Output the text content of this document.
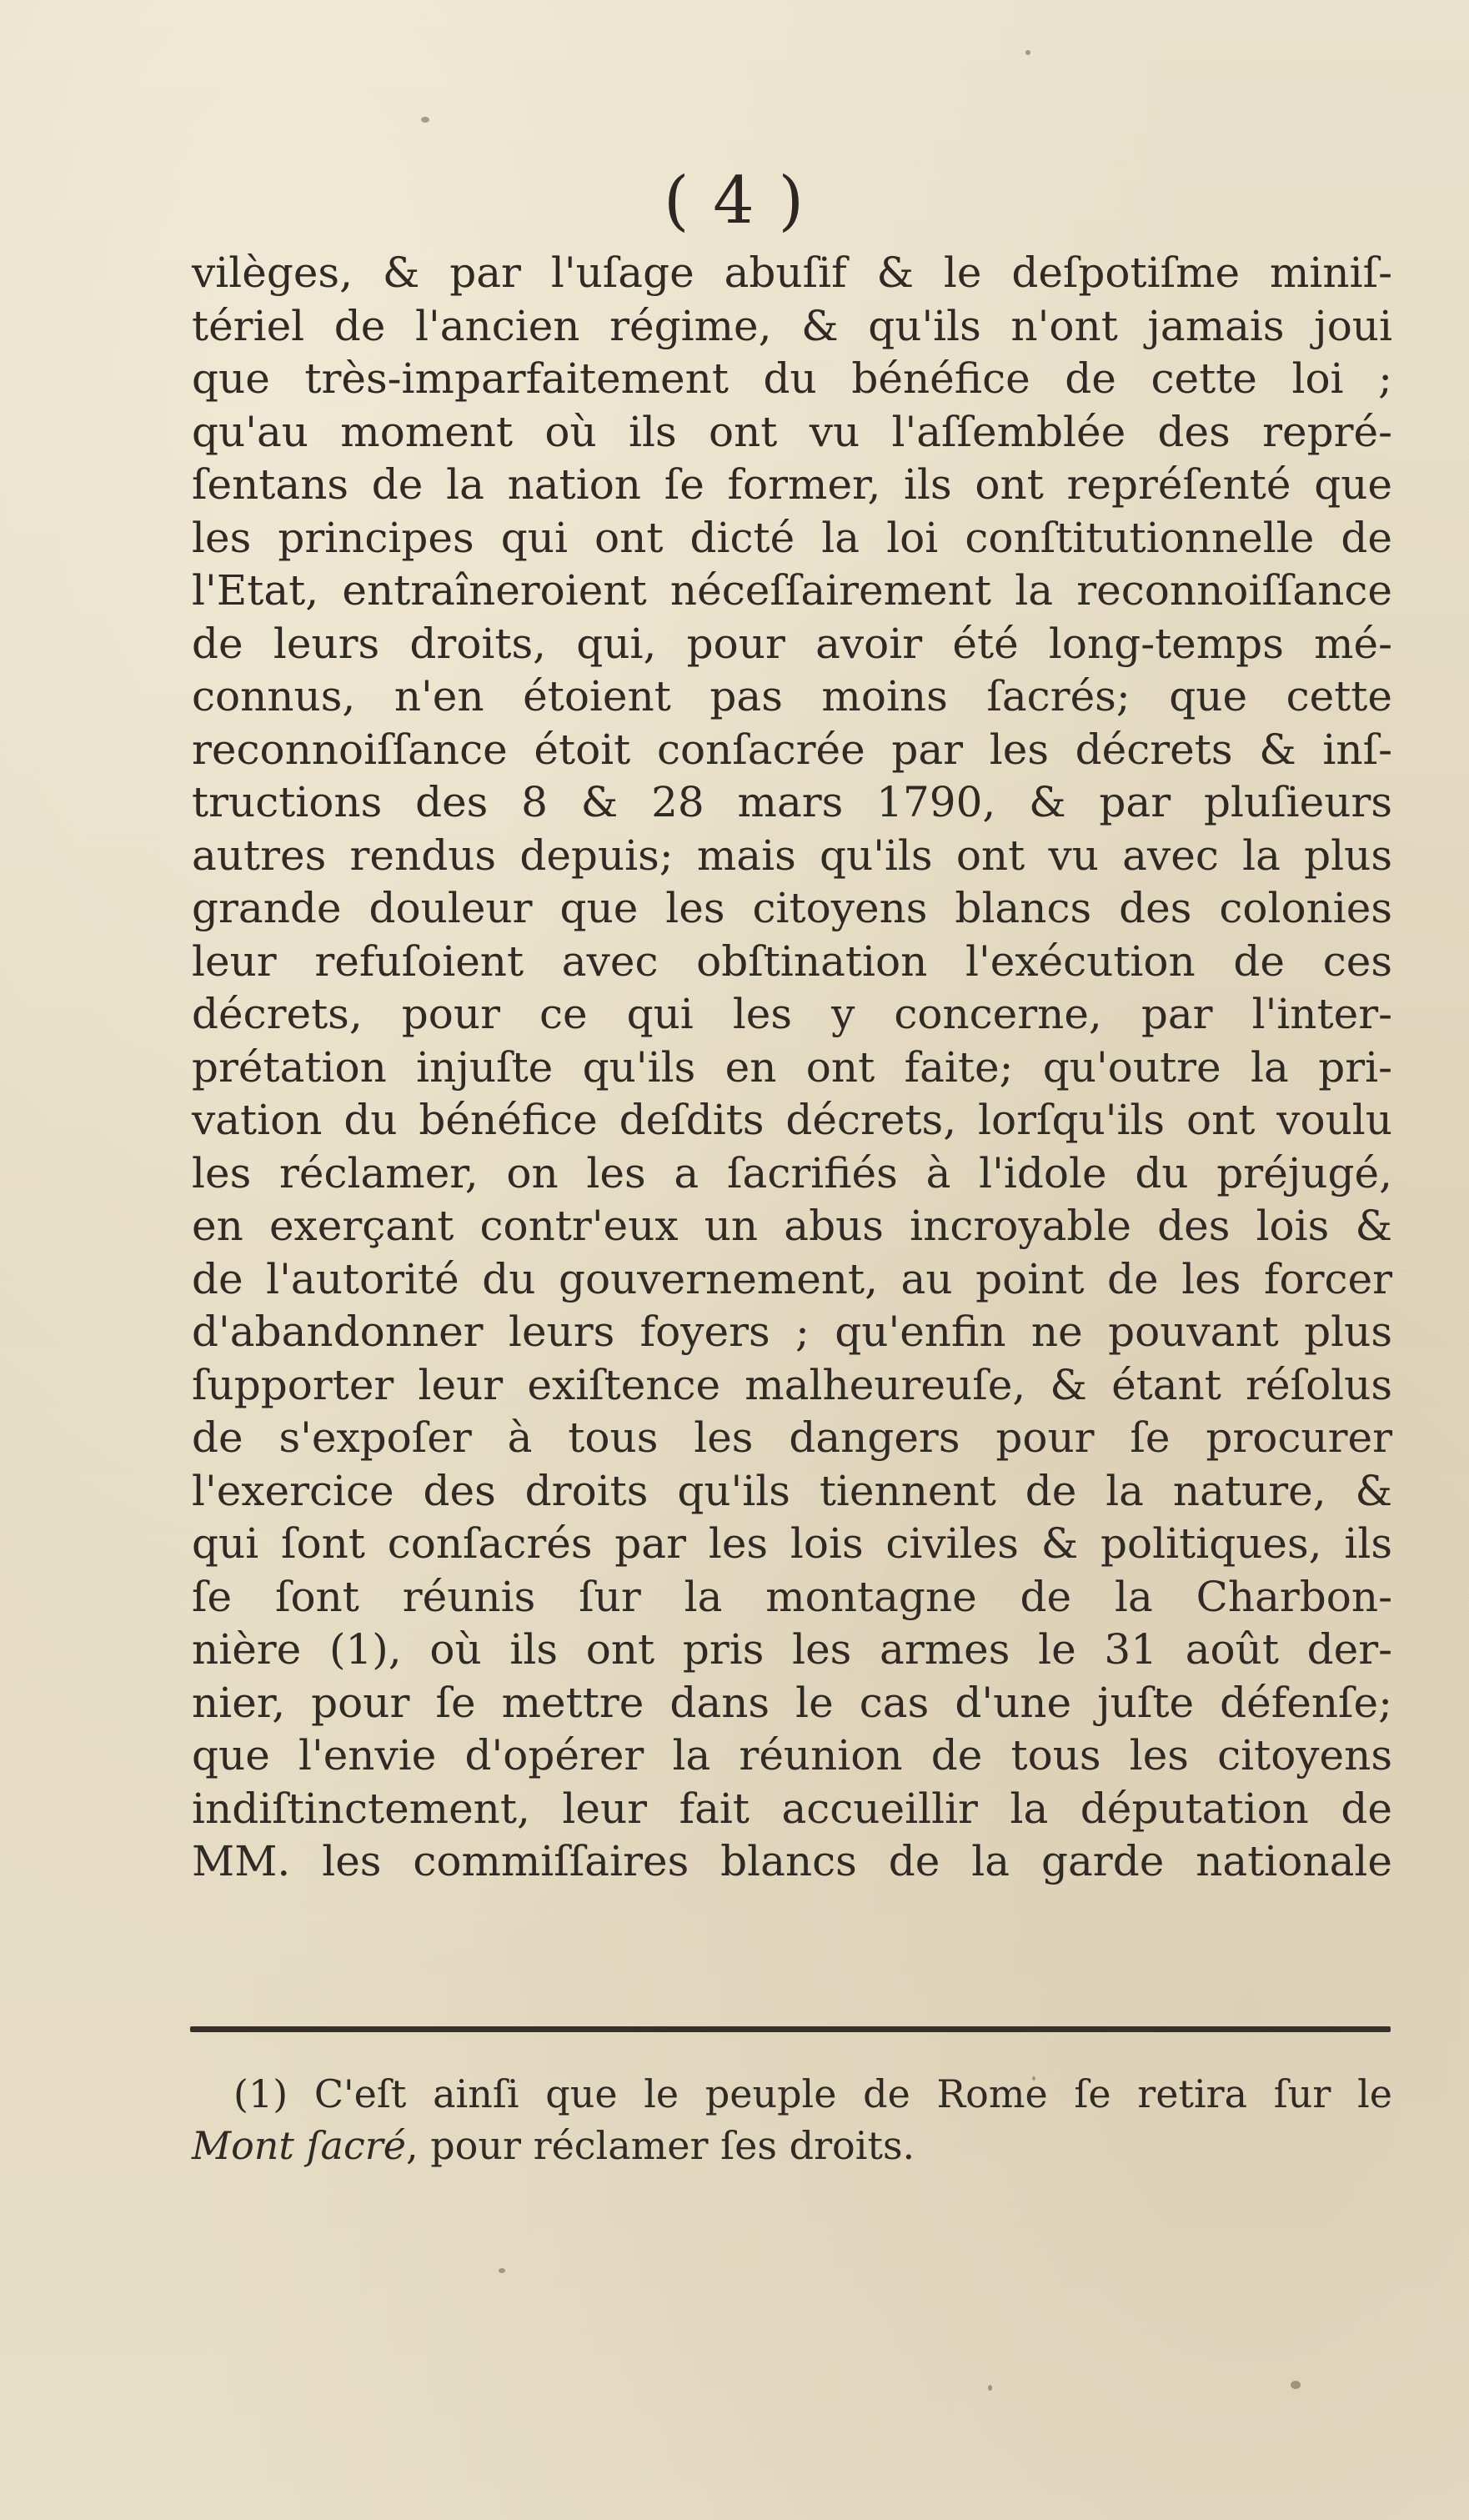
( 4 )
vilèges, & par l'uſage abuſif & le deſpotiſme miniſ-
tériel de l'ancien régime, & qu'ils n'ont jamais joui
que très-imparfaitement du bénéfice de cette loi ;
qu'au moment où ils ont vu l'aſſemblée des repré-
ſentans de la nation ſe former, ils ont repréſenté que
les principes qui ont dicté la loi conſtitutionnelle de
l'Etat, entraîneroient néceſſairement la reconnoiſſance
de leurs droits, qui, pour avoir été long-temps mé-
connus, n'en étoient pas moins ſacrés; que cette
reconnoiſſance étoit conſacrée par les décrets & inſ-
tructions des 8 & 28 mars 1790, & par pluſieurs
autres rendus depuis; mais qu'ils ont vu avec la plus
grande douleur que les citoyens blancs des colonies
leur refuſoient avec obſtination l'exécution de ces
décrets, pour ce qui les y concerne, par l'inter-
prétation injuſte qu'ils en ont faite; qu'outre la pri-
vation du bénéfice deſdits décrets, lorſqu'ils ont voulu
les réclamer, on les a ſacrifiés à l'idole du préjugé,
en exerçant contr'eux un abus incroyable des lois &
de l'autorité du gouvernement, au point de les forcer
d'abandonner leurs foyers ; qu'enfin ne pouvant plus
ſupporter leur exiſtence malheureuſe, & étant réſolus
de s'expoſer à tous les dangers pour ſe procurer
l'exercice des droits qu'ils tiennent de la nature, &
qui ſont conſacrés par les lois civiles & politiques, ils
ſe ſont réunis ſur la montagne de la Charbon-
nière (1), où ils ont pris les armes le 31 août der-
nier, pour ſe mettre dans le cas d'une juſte défenſe;
que l'envie d'opérer la réunion de tous les citoyens
indiſtinctement, leur fait accueillir la députation de
MM. les commiſſaires blancs de la garde nationale
(1) C'eſt ainſi que le peuple de Rome ſe retira ſur le
Mont ſacré, pour réclamer ſes droits.
